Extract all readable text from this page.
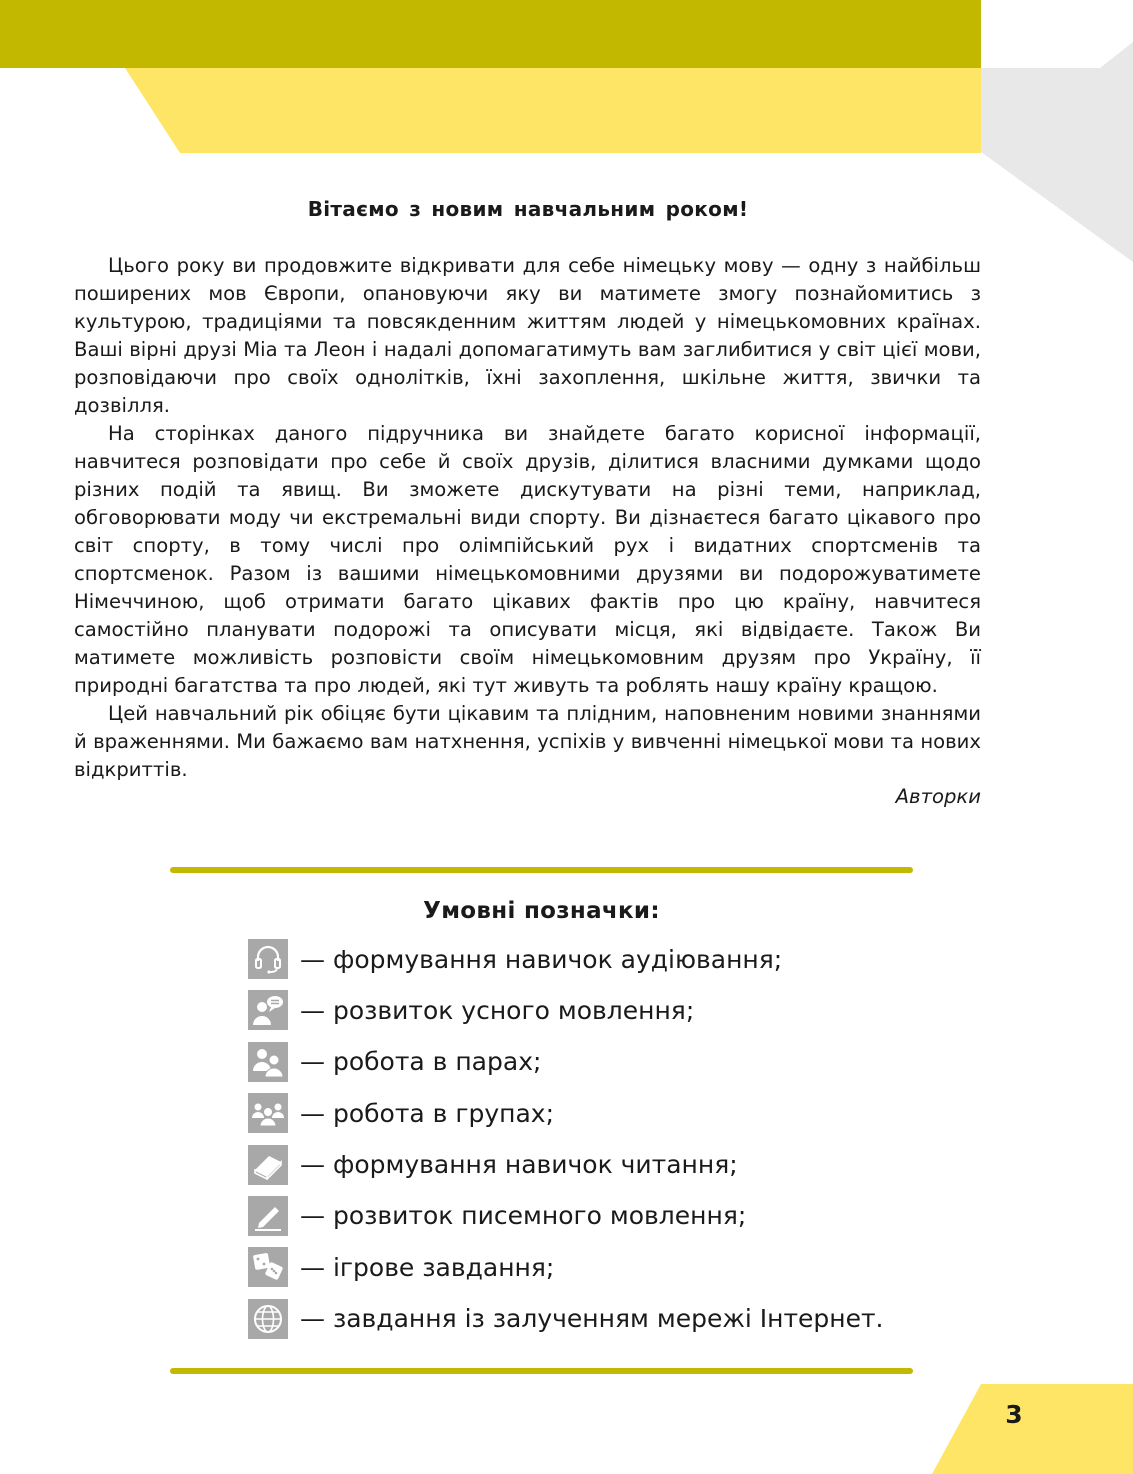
Вітаємо з новим навчальним роком!

Цього року ви продовжите відкривати для себе німецьку мову — одну з найбільш поширених мов Європи, опановуючи яку ви матимете змогу познайомитись з культурою, традиціями та повсякденним життям людей у німецькомовних країнах. Ваші вірні друзі Міа та Леон і надалі допомагатимуть вам заглибитися у світ цієї мови, розповідаючи про своїх однолітків, їхні захоплення, шкільне життя, звички та дозвілля.

На сторінках даного підручника ви знайдете багато корисної інформації, навчитеся розповідати про себе й своїх друзів, ділитися власними думками щодо різних подій та явищ. Ви зможете дискутувати на різні теми, наприклад, обговорювати моду чи екстремальні види спорту. Ви дізнаєтеся багато цікавого про світ спорту, в тому числі про олімпійський рух і видатних спортсменів та спортсменок. Разом із вашими німецькомовними друзями ви подорожуватимете Німеччиною, щоб отримати багато цікавих фактів про цю країну, навчитеся самостійно планувати подорожі та описувати місця, які відвідаєте. Також Ви матимете можливість розповісти своїм німецькомовним друзям про Україну, її природні багатства та про людей, які тут живуть та роблять нашу країну кращою.

Цей навчальний рік обіцяє бути цікавим та плідним, наповненим новими знаннями й враженнями. Ми бажаємо вам натхнення, успіхів у вивченні німецької мови та нових відкриттів.

Авторки
Умовні позначки:
— формування навичок аудіювання;
— розвиток усного мовлення;
— робота в парах;
— робота в групах;
— формування навичок читання;
— розвиток писемного мовлення;
— ігрове завдання;
— завдання із залученням мережі Інтернет.
3
